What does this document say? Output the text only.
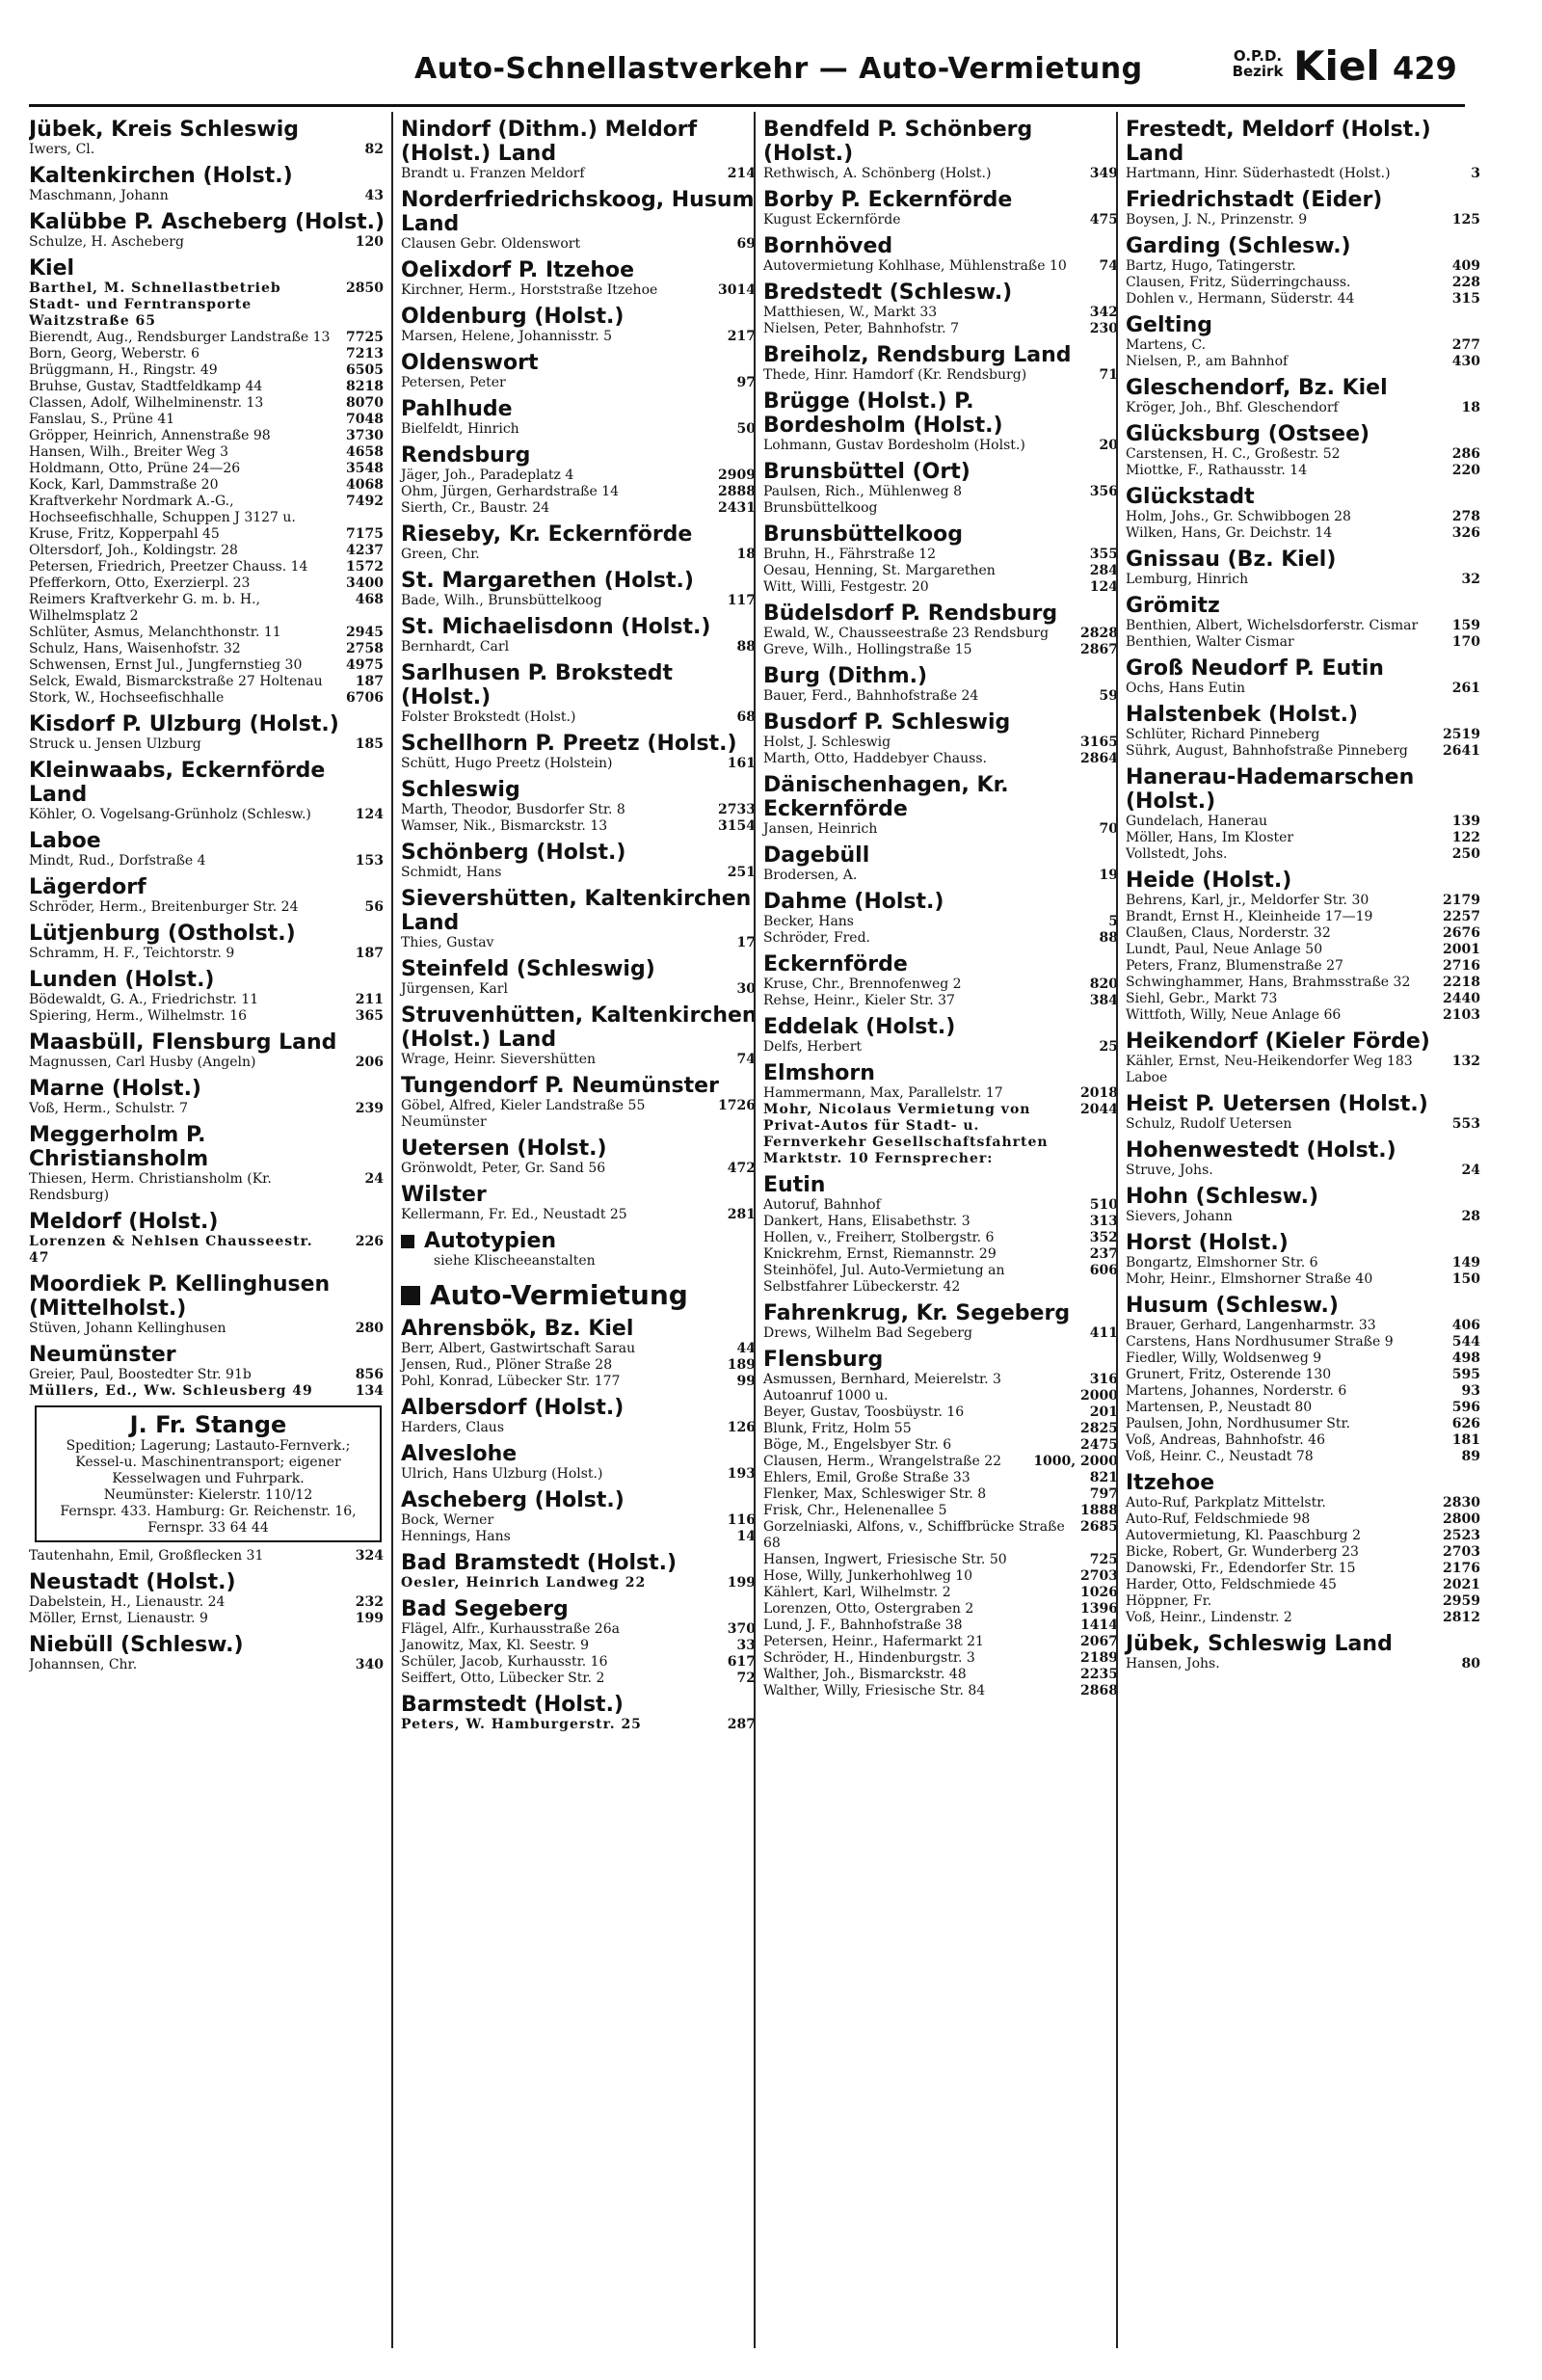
Auto-Schnellastverkehr — Auto-Vermietung	O.P.D.
Bezirk Kiel 429
Jübek, Kreis Schleswig
Iwers, Cl.	82
Kaltenkirchen (Holst.)
Maschmann, Johann	43
Kalübbe P. Ascheberg (Holst.)
Schulze, H. Ascheberg	120
Kiel
Barthel, M. Schnellastbetrieb Stadt- und Ferntransporte Waitzstraße 65
2850
Bierendt, Aug., Rendsburger Landstraße 13 7725
Born, Georg, Weberstr. 6	7213
Brüggmann, H., Ringstr. 49	6505
Bruhse, Gustav, Stadtfeldkamp 44	8218
Classen, Adolf, Wilhelminenstr. 13	8070
Fanslau, S., Prüne 41	7048
Gröpper, Heinrich, Annenstraße 98	3730
Hansen, Wilh., Breiter Weg 3	4658
Holdmann, Otto, Prüne 24—26	3548
Kock, Karl, Dammstraße 20	4068
Kraftverkehr Nordmark A.-G., Hochseefischhalle, Schuppen J 3127 u.
7492
Kruse, Fritz, Kopperpahl 45	7175
Oltersdorf, Joh., Koldingstr. 28	4237
Petersen, Friedrich, Preetzer Chauss. 14	1572
Pfefferkorn, Otto, Exerzierpl. 23	3400
Reimers Kraftverkehr G. m. b. H., Wilhelmsplatz 2
468
Schlüter, Asmus, Melanchthonstr. 11	2945
Schulz, Hans, Waisenhofstr. 32	2758
Schwensen, Ernst Jul., Jungfernstieg 30	4975
Selck, Ewald, Bismarckstraße 27 Holtenau 187
Stork, W., Hochseefischhalle	6706
Kisdorf P. Ulzburg (Holst.)
Struck u. Jensen Ulzburg	185
Kleinwaabs, Eckernförde Land
Köhler, O. Vogelsang-Grünholz (Schlesw.)	124
Laboe
Mindt, Rud., Dorfstraße 4	153
Lägerdorf
Schröder, Herm., Breitenburger Str. 24	56
Lütjenburg (Ostholst.)
Schramm, H. F., Teichtorstr. 9	187
Lunden (Holst.)
Bödewaldt, G. A., Friedrichstr. 11	211
Spiering, Herm., Wilhelmstr. 16	365
Maasbüll, Flensburg Land
Magnussen, Carl Husby (Angeln)	206
Marne (Holst.)
Voß, Herm., Schulstr. 7	239
Meggerholm P. Christiansholm
Thiesen, Herm. Christiansholm (Kr. Rendsburg)
24
Meldorf (Holst.)
Lorenzen & Nehlsen Chausseestr. 47
226
Moordiek P. Kellinghusen (Mittelholst.)
Stüven, Johann Kellinghusen	280
Neumünster
Greier, Paul, Boostedter Str. 91b	856
Müllers, Ed., Ww. Schleusberg 49	134
J. Fr. Stange
Spedition; Lagerung; Lastauto-Fernverk.; Kessel-u. Maschinentransport; eigener Kesselwagen und Fuhrpark.
Neumünster: Kielerstr. 110/12
Fernspr. 433. Hamburg: Gr. Reichenstr. 16, Fernspr. 33 64 44
Tautenhahn, Emil, Großflecken 31	324
Neustadt (Holst.)
Dabelstein, H., Lienaustr. 24	232
Möller, Ernst, Lienaustr. 9	199
Niebüll (Schlesw.)
Johannsen, Chr.	340
Nindorf (Dithm.) Meldorf (Holst.) Land
Brandt u. Franzen Meldorf	214
Norderfriedrichskoog, Husum Land
Clausen Gebr. Oldenswort	69
Oelixdorf P. Itzehoe
Kirchner, Herm., Horststraße Itzehoe	3014
Oldenburg (Holst.)
Marsen, Helene, Johannisstr. 5	217
Oldenswort
Petersen, Peter	97
Pahlhude
Bielfeldt, Hinrich	50
Rendsburg
Jäger, Joh., Paradeplatz 4	2909
Ohm, Jürgen, Gerhardstraße 14	2888
Sierth, Cr., Baustr. 24	2431
Rieseby, Kr. Eckernförde
Green, Chr.	18
St. Margarethen (Holst.)
Bade, Wilh., Brunsbüttelkoog	117
St. Michaelisdonn (Holst.)
Bernhardt, Carl	88
Sarlhusen P. Brokstedt (Holst.)
Folster Brokstedt (Holst.)	68
Schellhorn P. Preetz (Holst.)
Schütt, Hugo Preetz (Holstein)	161
Schleswig
Marth, Theodor, Busdorfer Str. 8	2733
Wamser, Nik., Bismarckstr. 13	3154
Schönberg (Holst.)
Schmidt, Hans	251
Sievershütten, Kaltenkirchen Land
Thies, Gustav	17
Steinfeld (Schleswig)
Jürgensen, Karl	30
Struvenhütten, Kaltenkirchen (Holst.) Land
Wrage, Heinr. Sievershütten	74
Tungendorf P. Neumünster
Göbel, Alfred, Kieler Landstraße 55 Neumünster
1726
Uetersen (Holst.)
Grönwoldt, Peter, Gr. Sand 56	472
Wilster
Kellermann, Fr. Ed., Neustadt 25	281
Autotypien
siehe Klischeeanstalten
Auto-Vermietung
Ahrensbök, Bz. Kiel
Berr, Albert, Gastwirtschaft Sarau	44
Jensen, Rud., Plöner Straße 28	189
Pohl, Konrad, Lübecker Str. 177	99
Albersdorf (Holst.)
Harders, Claus	126
Alveslohe
Ulrich, Hans Ulzburg (Holst.)	193
Ascheberg (Holst.)
Bock, Werner	116
Hennings, Hans	14
Bad Bramstedt (Holst.)
Oesler, Heinrich Landweg 22	199
Bad Segeberg
Flägel, Alfr., Kurhausstraße 26a	370
Janowitz, Max, Kl. Seestr. 9	33
Schüler, Jacob, Kurhausstr. 16	617
Seiffert, Otto, Lübecker Str. 2	72
Barmstedt (Holst.)
Peters, W. Hamburgerstr. 25	287
Bendfeld P. Schönberg (Holst.)
Rethwisch, A. Schönberg (Holst.)	349
Borby P. Eckernförde
Kugust Eckernförde	475
Bornhöved
Autovermietung Kohlhase, Mühlenstraße 10 74
Bredstedt (Schlesw.)
Matthiesen, W., Markt 33	342
Nielsen, Peter, Bahnhofstr. 7	230
Breiholz, Rendsburg Land
Thede, Hinr. Hamdorf (Kr. Rendsburg)	71
Brügge (Holst.) P. Bordesholm (Holst.)
Lohmann, Gustav Bordesholm (Holst.)	20
Brunsbüttel (Ort)
Paulsen, Rich., Mühlenweg 8 Brunsbüttelkoog
356
Brunsbüttelkoog
Bruhn, H., Fährstraße 12	355
Oesau, Henning, St. Margarethen	284
Witt, Willi, Festgestr. 20	124
Büdelsdorf P. Rendsburg
Ewald, W., Chausseestraße 23 Rendsburg 2828
Greve, Wilh., Hollingstraße 15	2867
Burg (Dithm.)
Bauer, Ferd., Bahnhofstraße 24	59
Busdorf P. Schleswig
Holst, J. Schleswig	3165
Marth, Otto, Haddebyer Chauss.	2864
Dänischenhagen, Kr. Eckernförde
Jansen, Heinrich	70
Dagebüll
Brodersen, A.	19
Dahme (Holst.)
Becker, Hans	5
Schröder, Fred.	88
Eckernförde
Kruse, Chr., Brennofenweg 2	820
Rehse, Heinr., Kieler Str. 37	384
Eddelak (Holst.)
Delfs, Herbert	25
Elmshorn
Hammermann, Max, Parallelstr. 17	2018
Mohr, Nicolaus Vermietung von Privat-Autos für Stadt- u. Fernverkehr Gesellschaftsfahrten Marktstr. 10 Fernsprecher:
2044
Eutin
Autoruf, Bahnhof	510
Dankert, Hans, Elisabethstr. 3	313
Hollen, v., Freiherr, Stolbergstr. 6	352
Knickrehm, Ernst, Riemannstr. 29	237
Steinhöfel, Jul. Auto-Vermietung an Selbstfahrer Lübeckerstr. 42
606
Fahrenkrug, Kr. Segeberg
Drews, Wilhelm Bad Segeberg	411
Flensburg
Asmussen, Bernhard, Meierelstr. 3	316
Autoanruf 1000 u.	2000
Beyer, Gustav, Toosbüystr. 16	201
Blunk, Fritz, Holm 55	2825
Böge, M., Engelsbyer Str. 6	2475
Clausen, Herm., Wrangelstraße 22 1000, 2000
Ehlers, Emil, Große Straße 33	821
Flenker, Max, Schleswiger Str. 8	797
Frisk, Chr., Helenenallee 5	1888
Gorzelniaski, Alfons, v., Schiffbrücke Straße 68
2685
Hansen, Ingwert, Friesische Str. 50	725
Hose, Willy, Junkerhohlweg 10	2703
Kählert, Karl, Wilhelmstr. 2	1026
Lorenzen, Otto, Ostergraben 2	1396
Lund, J. F., Bahnhofstraße 38	1414
Petersen, Heinr., Hafermarkt 21	2067
Schröder, H., Hindenburgstr. 3	2189
Walther, Joh., Bismarckstr. 48	2235
Walther, Willy, Friesische Str. 84	2868
Frestedt, Meldorf (Holst.) Land
Hartmann, Hinr. Süderhastedt (Holst.)	3
Friedrichstadt (Eider)
Boysen, J. N., Prinzenstr. 9	125
Garding (Schlesw.)
Bartz, Hugo, Tatingerstr.	409
Clausen, Fritz, Süderringchauss.	228
Dohlen v., Hermann, Süderstr. 44	315
Gelting
Martens, C.	277
Nielsen, P., am Bahnhof	430
Gleschendorf, Bz. Kiel
Kröger, Joh., Bhf. Gleschendorf	18
Glücksburg (Ostsee)
Carstensen, H. C., Großestr. 52	286
Miottke, F., Rathausstr. 14	220
Glückstadt
Holm, Johs., Gr. Schwibbogen 28	278
Wilken, Hans, Gr. Deichstr. 14	326
Gnissau (Bz. Kiel)
Lemburg, Hinrich	32
Grömitz
Benthien, Albert, Wichelsdorferstr. Cismar	159
Benthien, Walter Cismar	170
Groß Neudorf P. Eutin
Ochs, Hans Eutin	261
Halstenbek (Holst.)
Schlüter, Richard Pinneberg	2519
Sührk, August, Bahnhofstraße Pinneberg	2641
Hanerau-Hademarschen (Holst.)
Gundelach, Hanerau	139
Möller, Hans, Im Kloster	122
Vollstedt, Johs.	250
Heide (Holst.)
Behrens, Karl, jr., Meldorfer Str. 30	2179
Brandt, Ernst H., Kleinheide 17—19	2257
Claußen, Claus, Norderstr. 32	2676
Lundt, Paul, Neue Anlage 50	2001
Peters, Franz, Blumenstraße 27	2716
Schwinghammer, Hans, Brahmsstraße 32 2218
Siehl, Gebr., Markt 73	2440
Wittfoth, Willy, Neue Anlage 66	2103
Heikendorf (Kieler Förde)
Kähler, Ernst, Neu-Heikendorfer Weg 183 Laboe
132
Heist P. Uetersen (Holst.)
Schulz, Rudolf Uetersen	553
Hohenwestedt (Holst.)
Struve, Johs.	24
Hohn (Schlesw.)
Sievers, Johann	28
Horst (Holst.)
Bongartz, Elmshorner Str. 6	149
Mohr, Heinr., Elmshorner Straße 40	150
Husum (Schlesw.)
Brauer, Gerhard, Langenharmstr. 33	406
Carstens, Hans Nordhusumer Straße 9	544
Fiedler, Willy, Woldsenweg 9	498
Grunert, Fritz, Osterende 130	595
Martens, Johannes, Norderstr. 6	93
Martensen, P., Neustadt 80	596
Paulsen, John, Nordhusumer Str.	626
Voß, Andreas, Bahnhofstr. 46	181
Voß, Heinr. C., Neustadt 78	89
Itzehoe
Auto-Ruf, Parkplatz Mittelstr.	2830
Auto-Ruf, Feldschmiede 98	2800
Autovermietung, Kl. Paaschburg 2	2523
Bicke, Robert, Gr. Wunderberg 23	2703
Danowski, Fr., Edendorfer Str. 15	2176
Harder, Otto, Feldschmiede 45	2021
Höppner, Fr.	2959
Voß, Heinr., Lindenstr. 2	2812
Jübek, Schleswig Land
Hansen, Johs.	80
